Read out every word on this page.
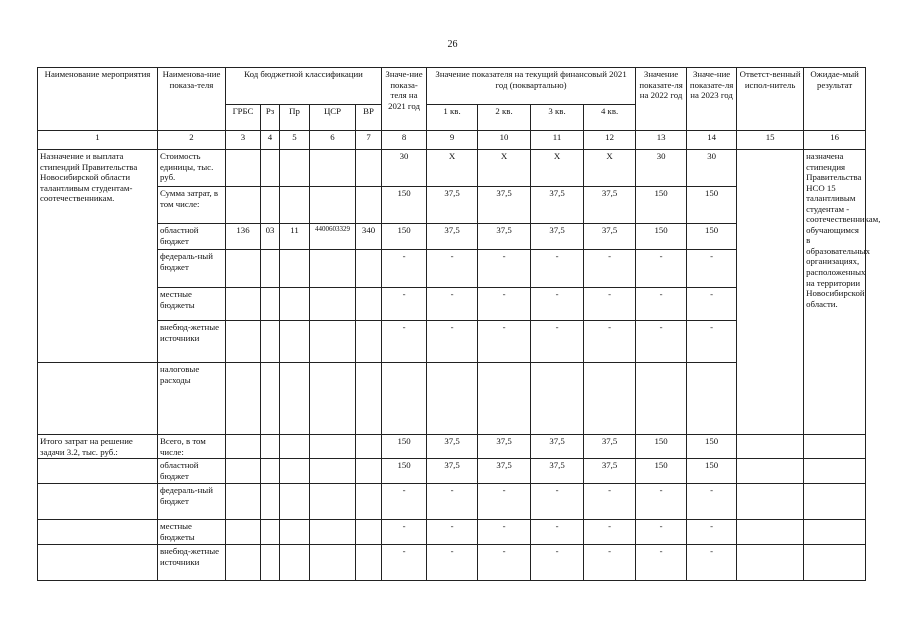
26
Наименование мероприятия	Наименова-ние показа-теля	Код бюджетной классификации					Значе-ние показа-теля на 2021 год	Значение показателя на текущий финансовый 2021 год (поквартально)				Значение показате-ля на 2022 год	Значе-ние показате-ля на 2023 год	Ответст-венный испол-нитель	Ожидае-мый результат
		ГРБС	Рз	Пр	ЦСР	ВР		1 кв.	2 кв.	3 кв.	4 кв.				
1	2	3	4	5	6	7	8	9	10	11	12	13	14	15	16
Назначение и выплата стипендий Правительства Новосибирской области талантливым студентам-соотечественникам.	Стоимость единицы, тыс. руб.						30	X	X	X	X	30	30		назначена стипендия Правительства НСО 15 талантливым студентам - соотечественникам, обучающимся в образовательных организациях, расположенных на территории Новосибирской области.
	Сумма затрат, в том числе:						150	37,5	37,5	37,5	37,5	150	150		
	областной бюджет	136	03	11	4400603329	340	150	37,5	37,5	37,5	37,5	150	150		
	федераль-ный бюджет						-	-	-	-	-	-	-		
	местные бюджеты						-	-	-	-	-	-	-		
	внебюд-жетные источники						-	-	-	-	-	-	-		
	налоговые расходы														
Итого затрат на решение задачи 3.2, тыс. руб.:	Всего, в том числе:						150	37,5	37,5	37,5	37,5	150	150		
	областной бюджет						150	37,5	37,5	37,5	37,5	150	150		
	федераль-ный бюджет						-	-	-	-	-	-	-		
	местные бюджеты						-	-	-	-	-	-	-		
	внебюд-жетные источники						-	-	-	-	-	-	-		
